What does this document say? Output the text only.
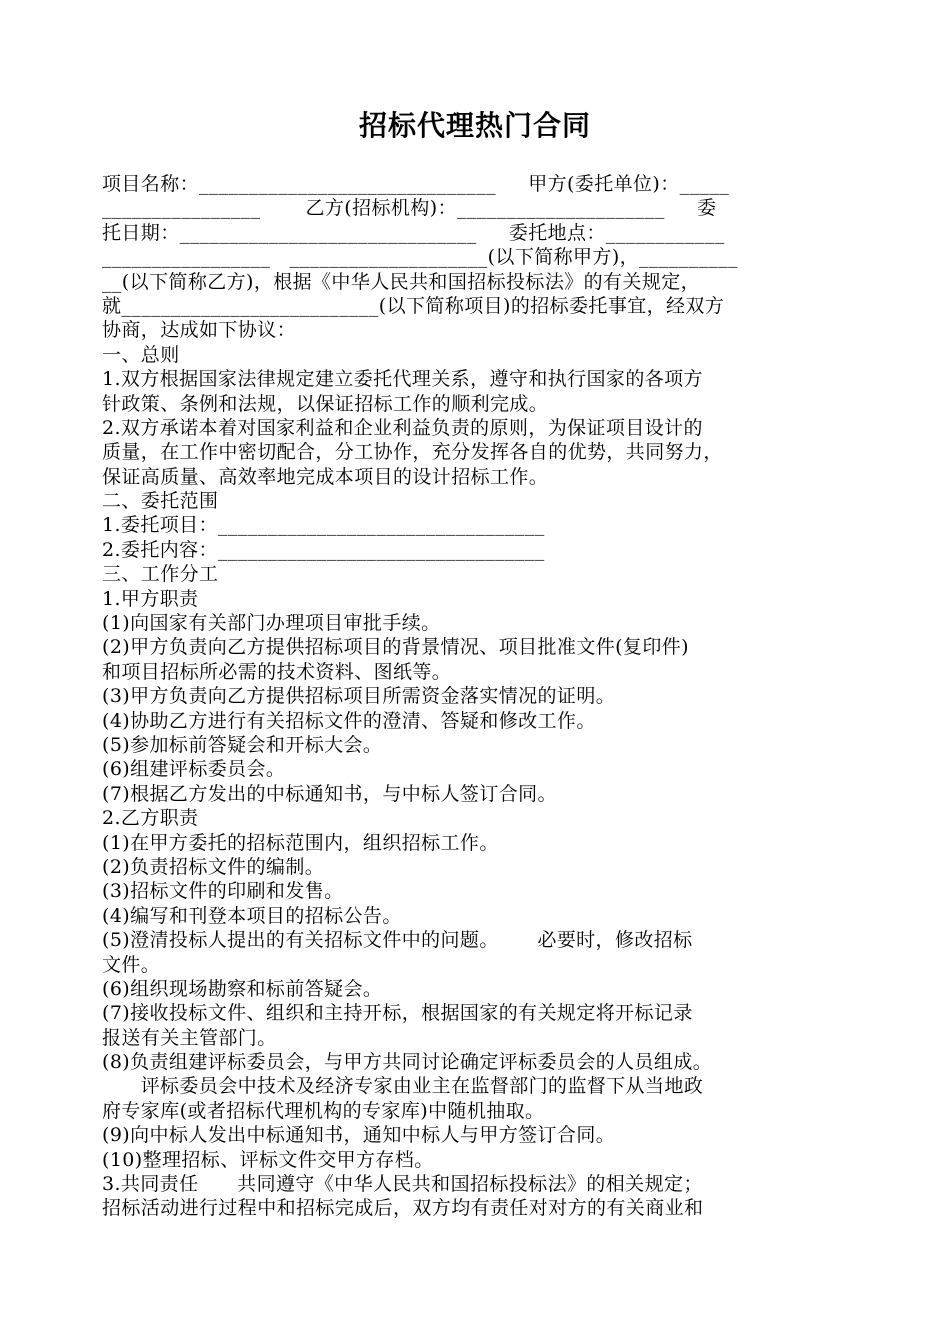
招标代理热门合同
项目名称：______________________________     甲方(委托单位)：_____
________________       乙方(招标机构)：_____________________     委
托日期：______________________________     委托地点：____________
_________________   ____________________(以下简称甲方)，__________
__(以下简称乙方)，根据《中华人民共和国招标投标法》的有关规定，
就__________________________(以下简称项目)的招标委托事宜，经双方
协商，达成如下协议：
一、总则
1.双方根据国家法律规定建立委托代理关系，遵守和执行国家的各项方
针政策、条例和法规，以保证招标工作的顺利完成。
2.双方承诺本着对国家利益和企业利益负责的原则，为保证项目设计的
质量，在工作中密切配合，分工协作，充分发挥各自的优势，共同努力，
保证高质量、高效率地完成本项目的设计招标工作。
二、委托范围
1.委托项目：_________________________________
2.委托内容：_________________________________
三、工作分工
1.甲方职责
(1)向国家有关部门办理项目审批手续。
(2)甲方负责向乙方提供招标项目的背景情况、项目批准文件(复印件)
和项目招标所必需的技术资料、图纸等。
(3)甲方负责向乙方提供招标项目所需资金落实情况的证明。
(4)协助乙方进行有关招标文件的澄清、答疑和修改工作。
(5)参加标前答疑会和开标大会。
(6)组建评标委员会。
(7)根据乙方发出的中标通知书，与中标人签订合同。
2.乙方职责
(1)在甲方委托的招标范围内，组织招标工作。
(2)负责招标文件的编制。
(3)招标文件的印刷和发售。
(4)编写和刊登本项目的招标公告。
(5)澄清投标人提出的有关招标文件中的问题。      必要时，修改招标
文件。
(6)组织现场勘察和标前答疑会。
(7)接收投标文件、组织和主持开标，根据国家的有关规定将开标记录
报送有关主管部门。
(8)负责组建评标委员会，与甲方共同讨论确定评标委员会的人员组成。
评标委员会中技术及经济专家由业主在监督部门的监督下从当地政
府专家库(或者招标代理机构的专家库)中随机抽取。
(9)向中标人发出中标通知书，通知中标人与甲方签订合同。
(10)整理招标、评标文件交甲方存档。
3.共同责任      共同遵守《中华人民共和国招标投标法》的相关规定；
招标活动进行过程中和招标完成后，双方均有责任对对方的有关商业和
